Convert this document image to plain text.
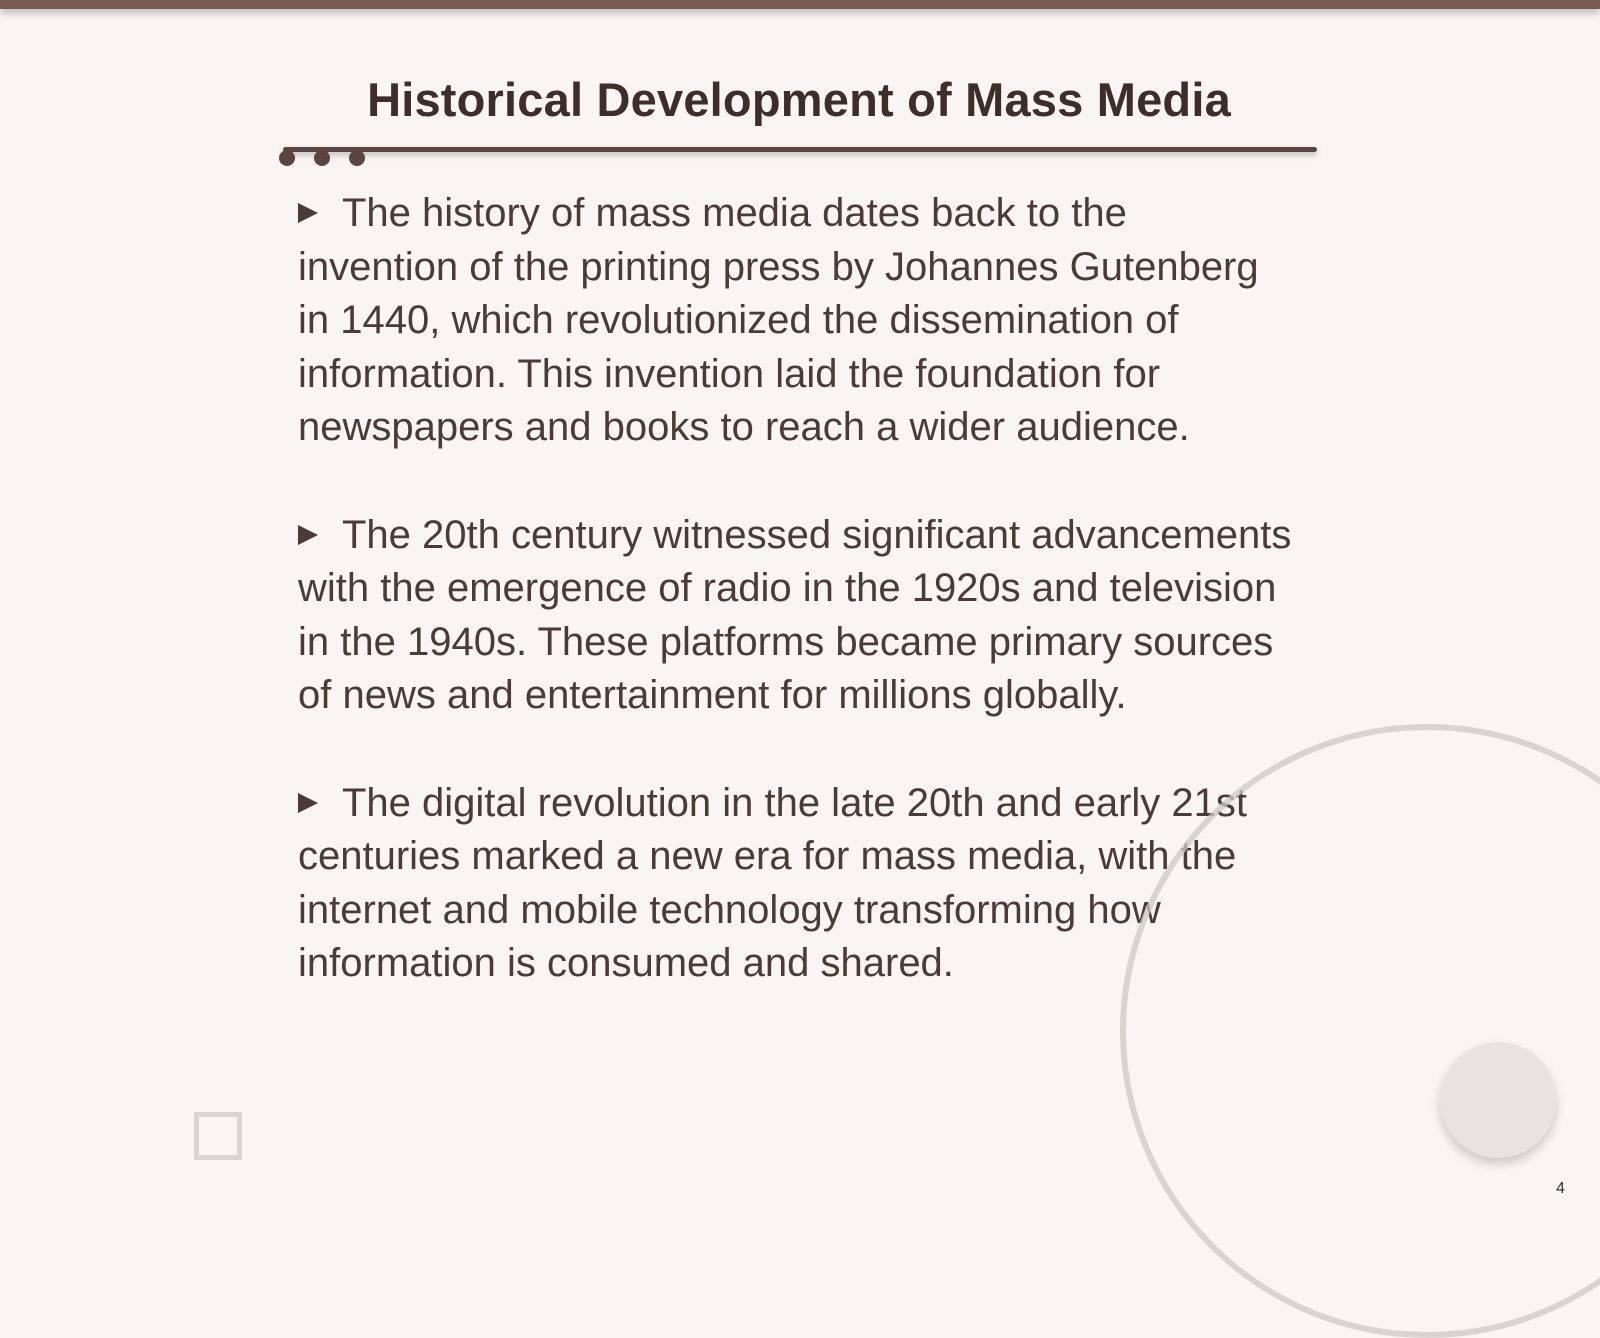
Historical Development of Mass Media

The history of mass media dates back to the invention of the printing press by Johannes Gutenberg in 1440, which revolutionized the dissemination of information. This invention laid the foundation for newspapers and books to reach a wider audience.

The 20th century witnessed significant advancements with the emergence of radio in the 1920s and television in the 1940s. These platforms became primary sources of news and entertainment for millions globally.

The digital revolution in the late 20th and early 21st centuries marked a new era for mass media, with the internet and mobile technology transforming how information is consumed and shared.

4
